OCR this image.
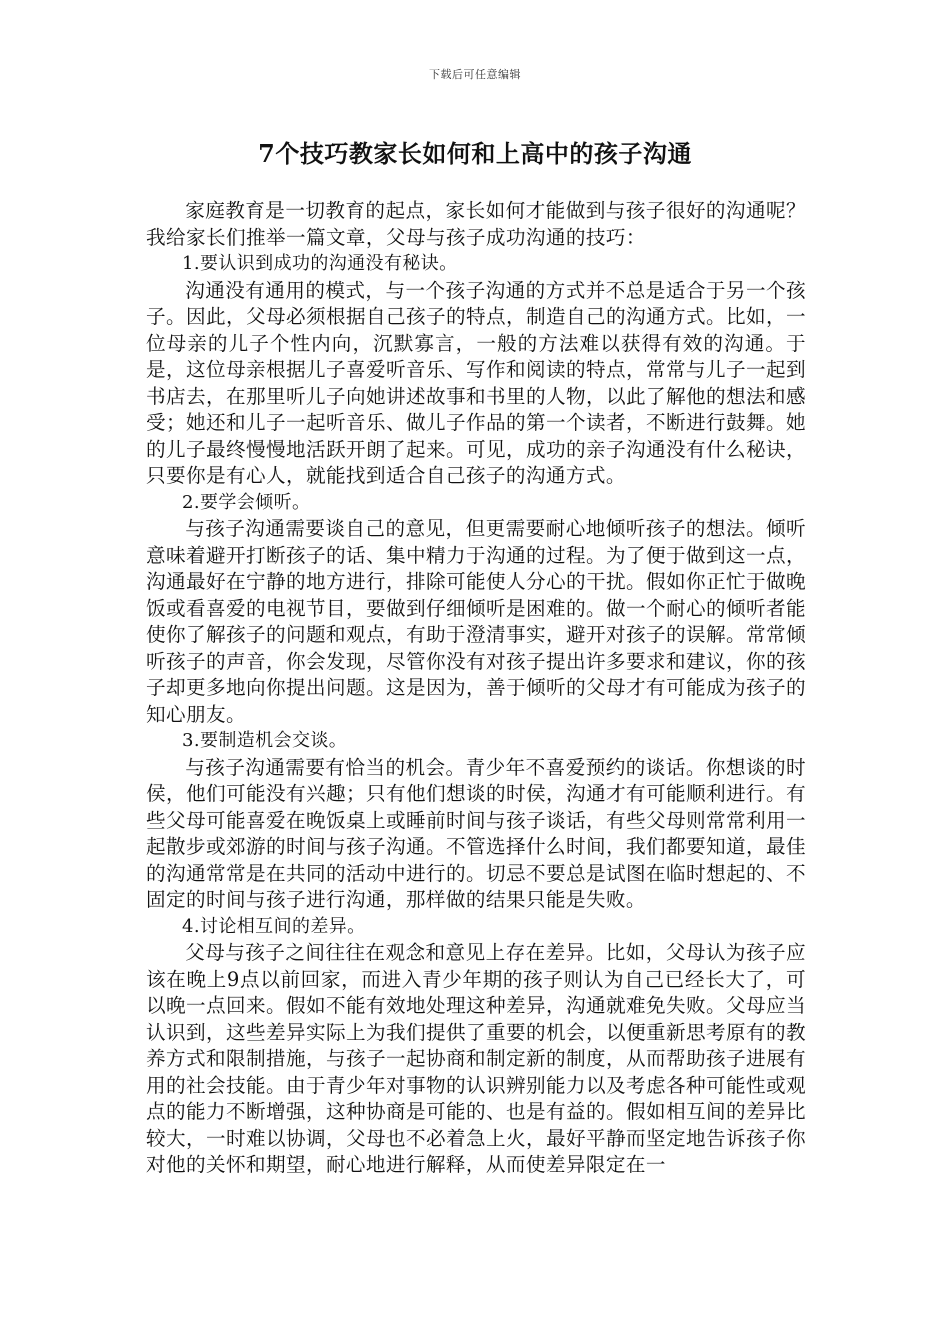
下载后可任意编辑
7个技巧教家长如何和上高中的孩子沟通

家庭教育是一切教育的起点，家长如何才能做到与孩子很好的沟通呢？我给家长们推举一篇文章，父母与孩子成功沟通的技巧：

1.要认识到成功的沟通没有秘诀。

沟通没有通用的模式，与一个孩子沟通的方式并不总是适合于另一个孩子。因此，父母必须根据自己孩子的特点，制造自己的沟通方式。比如，一位母亲的儿子个性内向，沉默寡言，一般的方法难以获得有效的沟通。于是，这位母亲根据儿子喜爱听音乐、写作和阅读的特点，常常与儿子一起到书店去，在那里听儿子向她讲述故事和书里的人物，以此了解他的想法和感受；她还和儿子一起听音乐、做儿子作品的第一个读者，不断进行鼓舞。她的儿子最终慢慢地活跃开朗了起来。可见，成功的亲子沟通没有什么秘诀，只要你是有心人，就能找到适合自己孩子的沟通方式。

2.要学会倾听。

与孩子沟通需要谈自己的意见，但更需要耐心地倾听孩子的想法。倾听意味着避开打断孩子的话、集中精力于沟通的过程。为了便于做到这一点，沟通最好在宁静的地方进行，排除可能使人分心的干扰。假如你正忙于做晚饭或看喜爱的电视节目，要做到仔细倾听是困难的。做一个耐心的倾听者能使你了解孩子的问题和观点，有助于澄清事实，避开对孩子的误解。常常倾听孩子的声音，你会发现，尽管你没有对孩子提出许多要求和建议，你的孩子却更多地向你提出问题。这是因为，善于倾听的父母才有可能成为孩子的知心朋友。

3.要制造机会交谈。

与孩子沟通需要有恰当的机会。青少年不喜爱预约的谈话。你想谈的时侯，他们可能没有兴趣；只有他们想谈的时侯，沟通才有可能顺利进行。有些父母可能喜爱在晚饭桌上或睡前时间与孩子谈话，有些父母则常常利用一起散步或郊游的时间与孩子沟通。不管选择什么时间，我们都要知道，最佳的沟通常常是在共同的活动中进行的。切忌不要总是试图在临时想起的、不固定的时间与孩子进行沟通，那样做的结果只能是失败。

4.讨论相互间的差异。

父母与孩子之间往往在观念和意见上存在差异。比如，父母认为孩子应该在晚上9点以前回家，而进入青少年期的孩子则认为自己已经长大了，可以晚一点回来。假如不能有效地处理这种差异，沟通就难免失败。父母应当认识到，这些差异实际上为我们提供了重要的机会，以便重新思考原有的教养方式和限制措施，与孩子一起协商和制定新的制度，从而帮助孩子进展有用的社会技能。由于青少年对事物的认识辨别能力以及考虑各种可能性或观点的能力不断增强，这种协商是可能的、也是有益的。假如相互间的差异比较大，一时难以协调，父母也不必着急上火，最好平静而坚定地告诉孩子你对他的关怀和期望，耐心地进行解释，从而使差异限定在一
